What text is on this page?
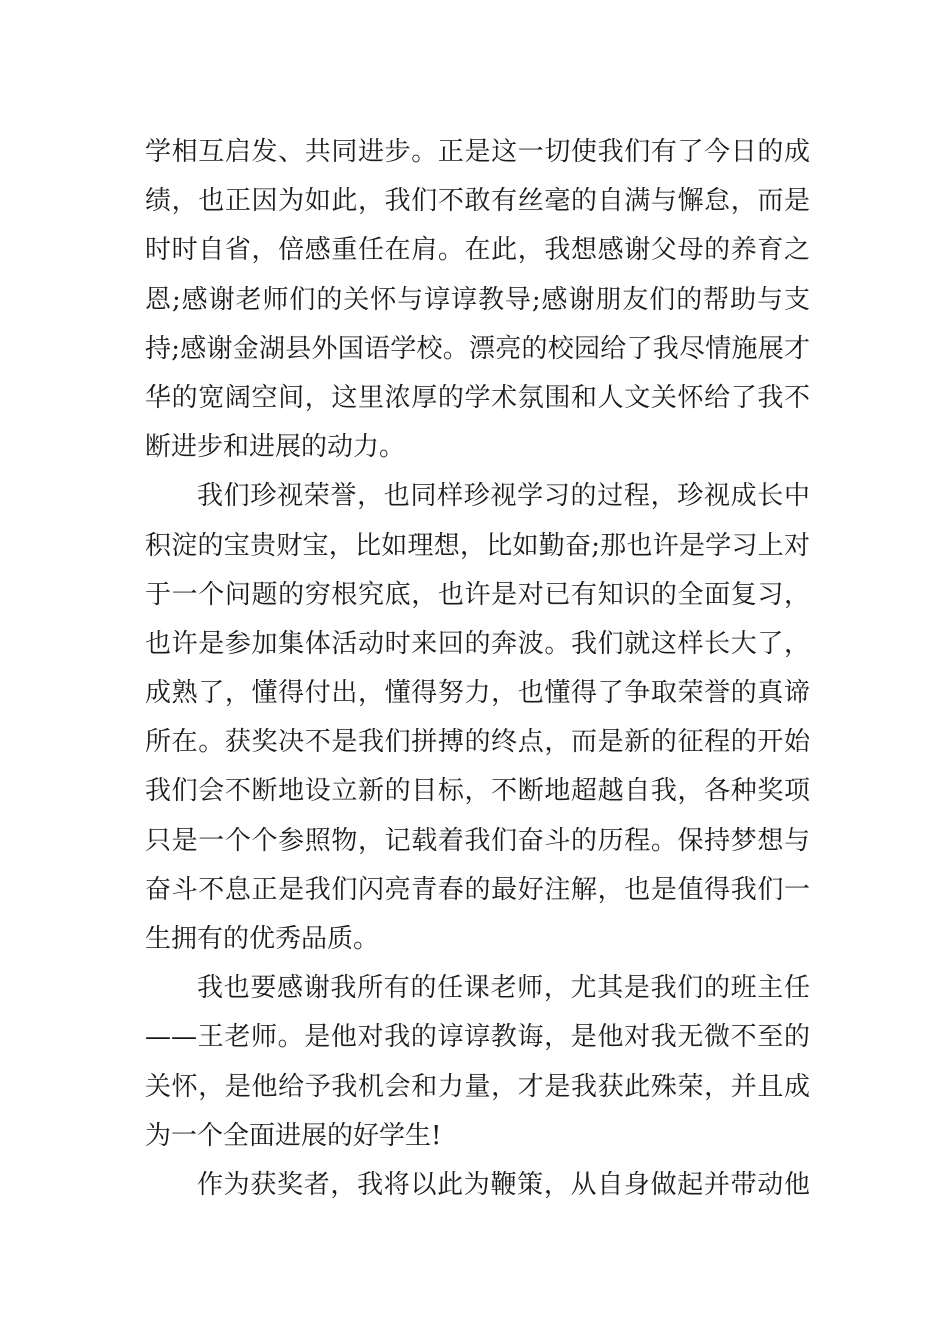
学相互启发、共同进步。正是这一切使我们有了今日的成
绩，也正因为如此，我们不敢有丝毫的自满与懈怠，而是
时时自省，倍感重任在肩。在此，我想感谢父母的养育之
恩;感谢老师们的关怀与谆谆教导;感谢朋友们的帮助与支
持;感谢金湖县外国语学校。漂亮的校园给了我尽情施展才
华的宽阔空间，这里浓厚的学术氛围和人文关怀给了我不
断进步和进展的动力。
我们珍视荣誉，也同样珍视学习的过程，珍视成长中
积淀的宝贵财宝，比如理想，比如勤奋;那也许是学习上对
于一个问题的穷根究底，也许是对已有知识的全面复习，
也许是参加集体活动时来回的奔波。我们就这样长大了，
成熟了，懂得付出，懂得努力，也懂得了争取荣誉的真谛
所在。获奖决不是我们拼搏的终点，而是新的征程的开始
我们会不断地设立新的目标，不断地超越自我，各种奖项
只是一个个参照物，记载着我们奋斗的历程。保持梦想与
奋斗不息正是我们闪亮青春的最好注解，也是值得我们一
生拥有的优秀品质。
我也要感谢我所有的任课老师，尤其是我们的班主任
——王老师。是他对我的谆谆教诲，是他对我无微不至的
关怀，是他给予我机会和力量，才是我获此殊荣，并且成
为一个全面进展的好学生!
作为获奖者，我将以此为鞭策，从自身做起并带动他
